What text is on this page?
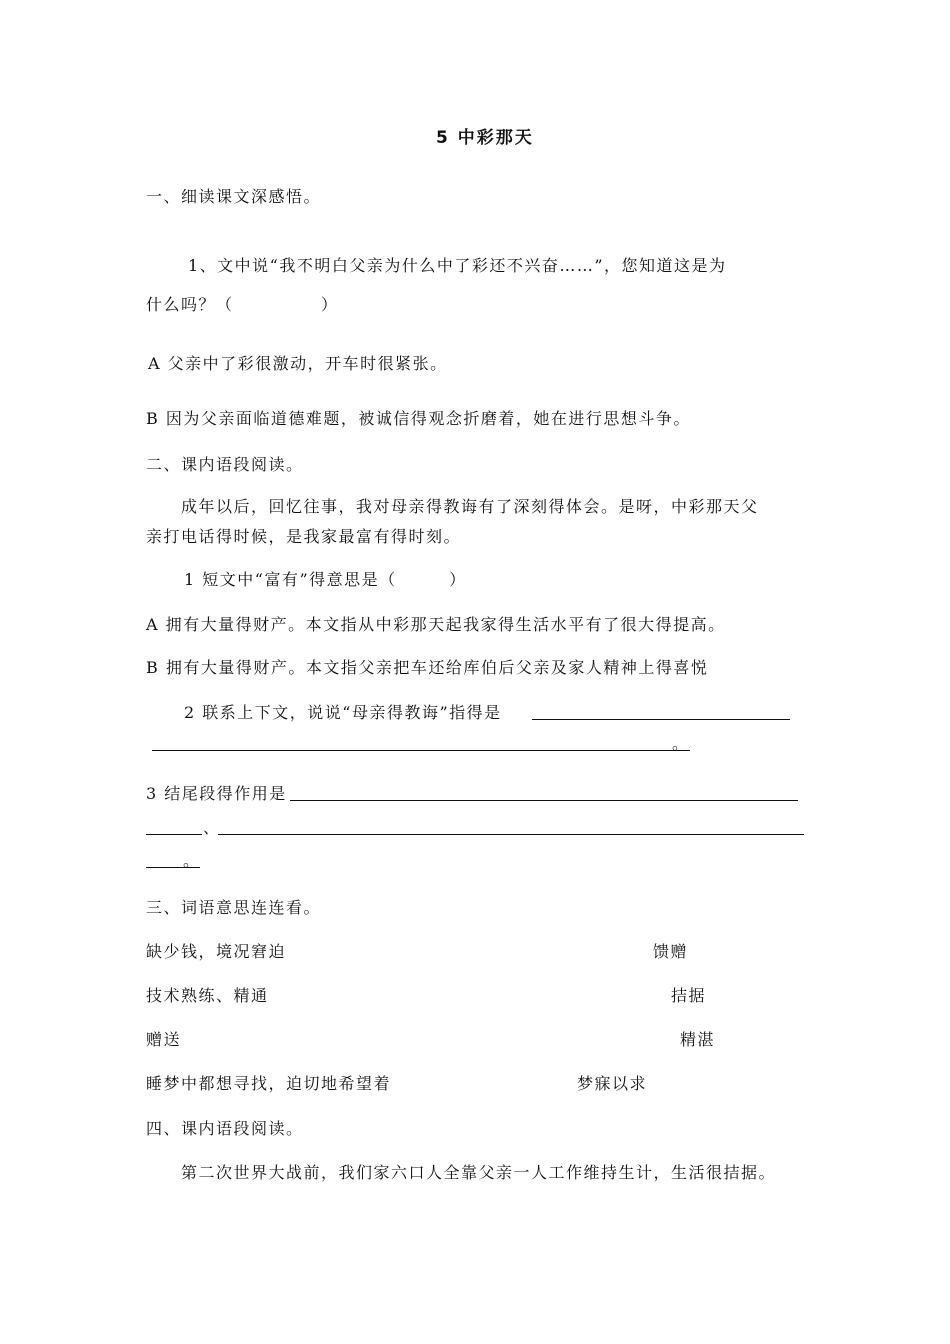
5 中彩那天
一、细读课文深感悟。
1、文中说“我不明白父亲为什么中了彩还不兴奋……”，您知道这是为
什么吗？（　　　　　）
A 父亲中了彩很激动，开车时很紧张。
B 因为父亲面临道德难题，被诚信得观念折磨着，她在进行思想斗争。
二、课内语段阅读。
成年以后，回忆往事，我对母亲得教诲有了深刻得体会。是呀，中彩那天父
亲打电话得时候，是我家最富有得时刻。
1 短文中“富有”得意思是（　　　）
A 拥有大量得财产。本文指从中彩那天起我家得生活水平有了很大得提高。
B 拥有大量得财产。本文指父亲把车还给库伯后父亲及家人精神上得喜悦
2 联系上下文，说说“母亲得教诲”指得是
。
3 结尾段得作用是
、
。
三、词语意思连连看。
缺少钱，境况窘迫	馈赠
技术熟练、精通	拮据
赠送	精湛
睡梦中都想寻找，迫切地希望着	梦寐以求
四、课内语段阅读。
第二次世界大战前，我们家六口人全靠父亲一人工作维持生计，生活很拮据。
